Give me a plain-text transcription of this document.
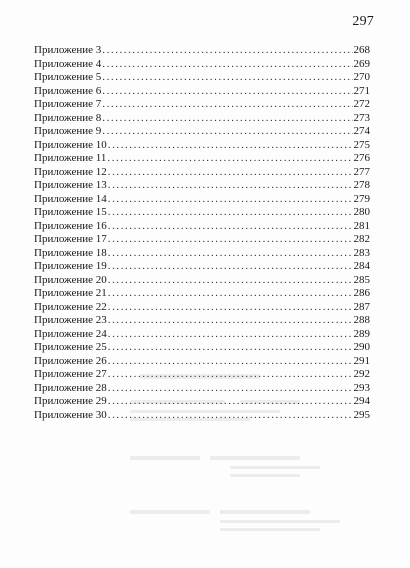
297
Приложение 3 . . .	268
Приложение 4 . . .	269
Приложение 5 . . .	270
Приложение 6 . . .	271
Приложение 7 . . .	272
Приложение 8 . . .	273
Приложение 9 . . .	274
Приложение 10 . . .	275
Приложение 11 . . .	276
Приложение 12 . . .	277
Приложение 13 . . .	278
Приложение 14 . . .	279
Приложение 15 . . .	280
Приложение 16 . . .	281
Приложение 17 . . .	282
Приложение 18 . . .	283
Приложение 19 . . .	284
Приложение 20 . . .	285
Приложение 21 . . .	286
Приложение 22 . . .	287
Приложение 23 . . .	288
Приложение 24 . . .	289
Приложение 25 . . .	290
Приложение 26 . . .	291
Приложение 27 . . .	292
Приложение 28 . . .	293
Приложение 29 . . .	294
Приложение 30 . . .	295
